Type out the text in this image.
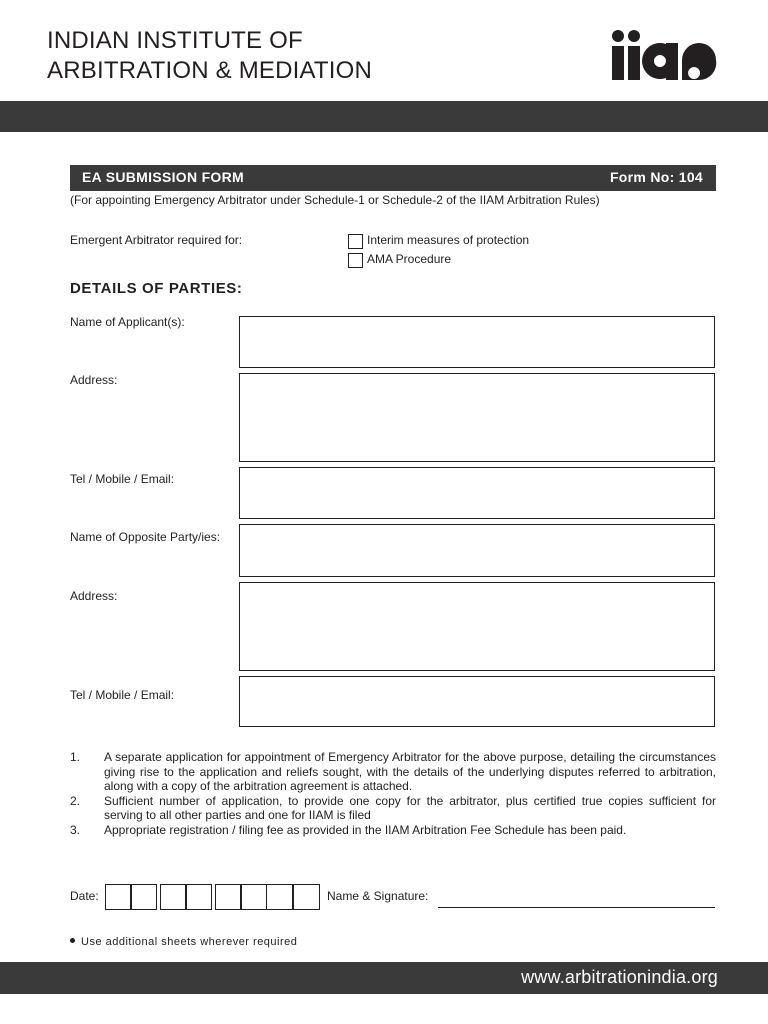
INDIAN INSTITUTE OF
ARBITRATION & MEDIATION
EA SUBMISSION FORM	Form No: 104
(For appointing Emergency Arbitrator under Schedule-1 or Schedule-2 of the IIAM Arbitration Rules)
Emergent Arbitrator required for:	Interim measures of protection
AMA Procedure
DETAILS OF PARTIES:
Name of Applicant(s):
Address:
Tel / Mobile / Email:
Name of Opposite Party/ies:
Address:
Tel / Mobile / Email:
1.	A separate application for appointment of Emergency Arbitrator for the above purpose, detailing the circumstances giving rise to the application and reliefs sought, with the details of the underlying disputes referred to arbitration, along with a copy of the arbitration agreement is attached.
2.	Sufficient number of application, to provide one copy for the arbitrator, plus certified true copies sufficient for serving to all other parties and one for IIAM is filed
3.	Appropriate registration / filing fee as provided in the IIAM Arbitration Fee Schedule has been paid.
Date:	Name & Signature:
Use additional sheets wherever required
www.arbitrationindia.org
